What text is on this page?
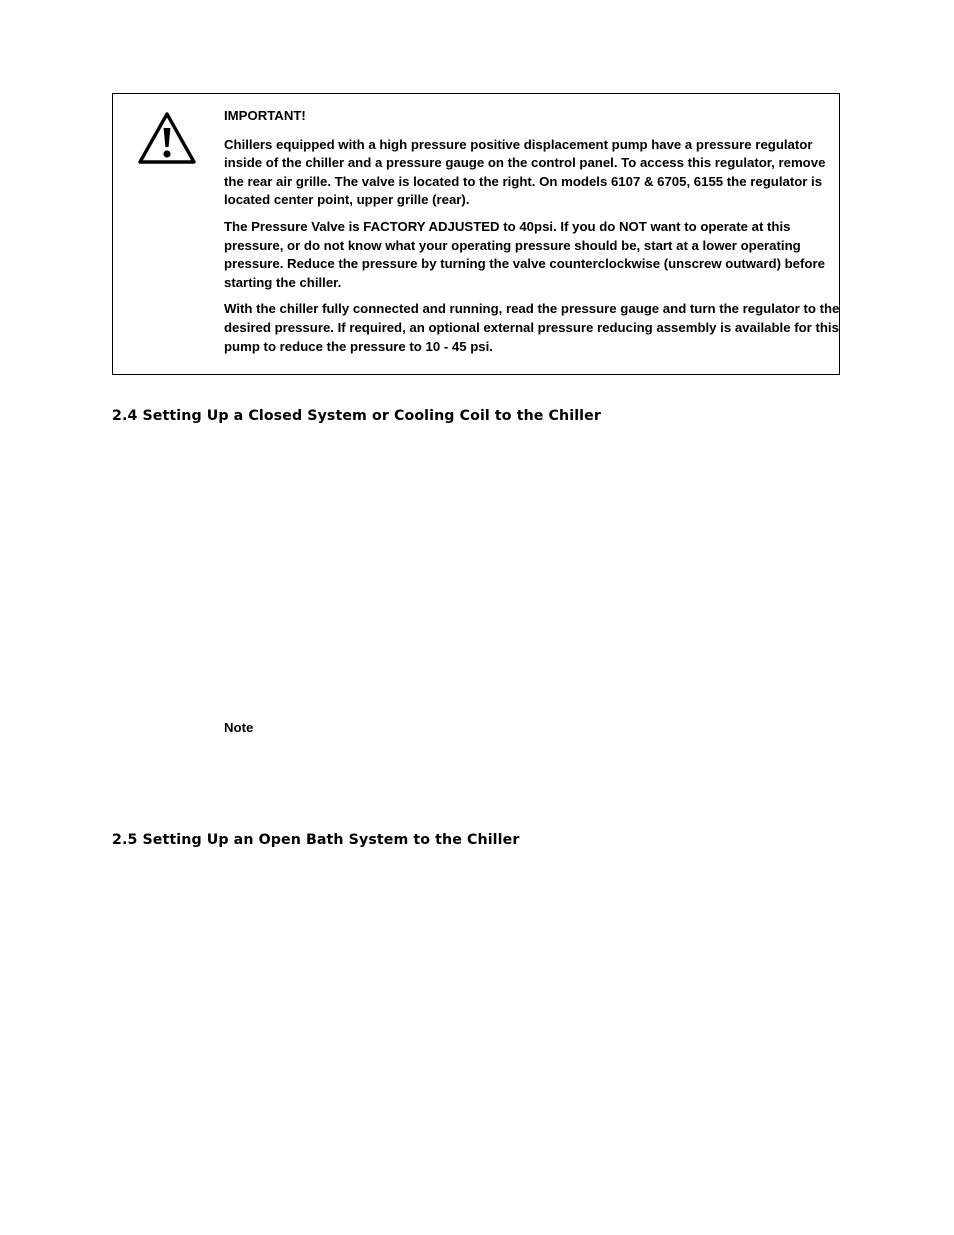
IMPORTANT!

Chillers equipped with a high pressure positive displacement pump have a pressure regulator inside of the chiller and a pressure gauge on the control panel. To access this regulator, remove the rear air grille. The valve is located to the right. On models 6107 & 6705, 6155 the regulator is located center point, upper grille (rear).

The Pressure Valve is FACTORY ADJUSTED to 40psi. If you do NOT want to operate at this pressure, or do not know what your operating pressure should be, start at a lower operating pressure. Reduce the pressure by turning the valve counterclockwise (unscrew outward) before starting the chiller.

With the chiller fully connected and running, read the pressure gauge and turn the regulator to the desired pressure. If required, an optional external pressure reducing assembly is available for this pump to reduce the pressure to 10 - 45 psi.

2.4 Setting Up a Closed System or Cooling Coil to the Chiller
Note
2.5 Setting Up an Open Bath System to the Chiller
